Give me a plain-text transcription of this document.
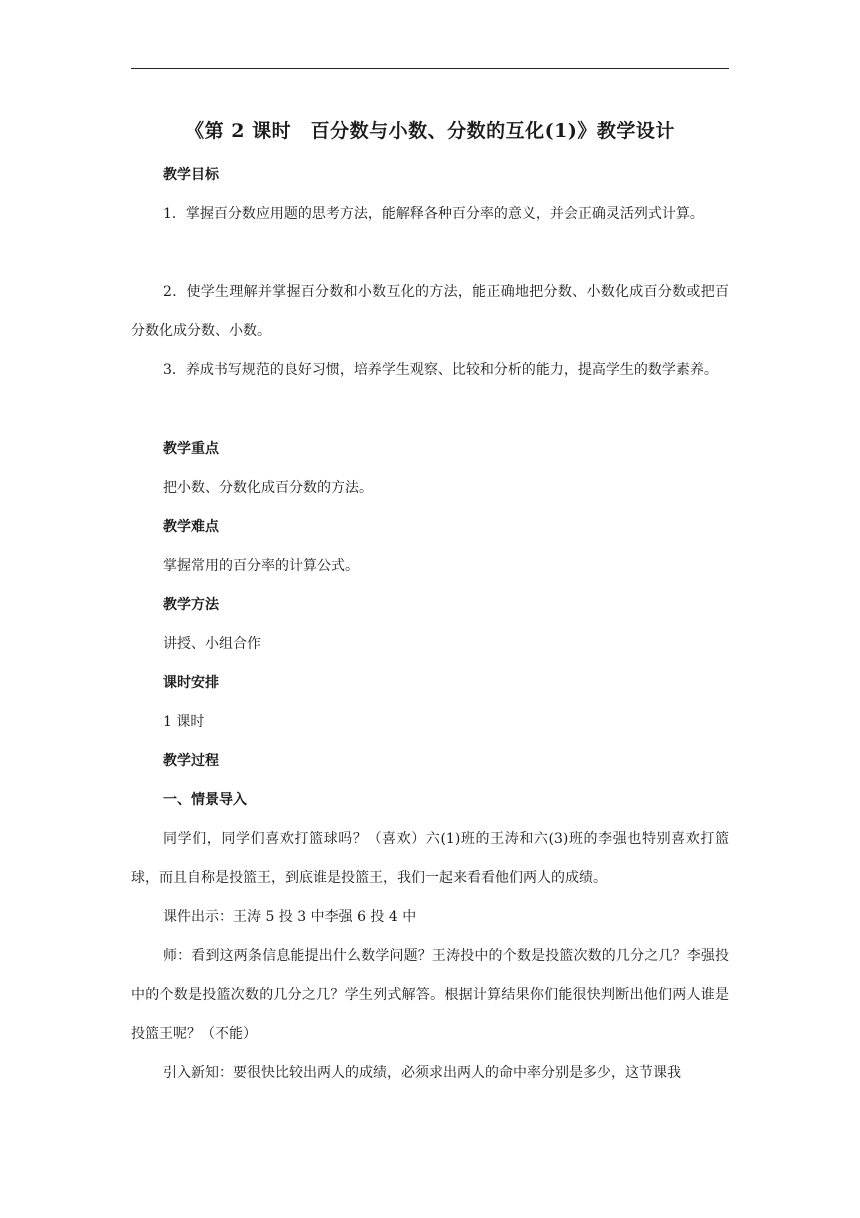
《第 2 课时　百分数与小数、分数的互化(1)》教学设计
教学目标
1．掌握百分数应用题的思考方法，能解释各种百分率的意义，并会正确灵活列式计算。
2．使学生理解并掌握百分数和小数互化的方法，能正确地把分数、小数化成百分数或把百分数化成分数、小数。
3．养成书写规范的良好习惯，培养学生观察、比较和分析的能力，提高学生的数学素养。
教学重点
把小数、分数化成百分数的方法。
教学难点
掌握常用的百分率的计算公式。
教学方法
讲授、小组合作
课时安排
1 课时
教学过程
一、情景导入
同学们，同学们喜欢打篮球吗？（喜欢）六(1)班的王涛和六(3)班的李强也特别喜欢打篮球，而且自称是投篮王，到底谁是投篮王，我们一起来看看他们两人的成绩。
课件出示：王涛 5 投 3 中李强 6 投 4 中
师：看到这两条信息能提出什么数学问题？王涛投中的个数是投篮次数的几分之几？李强投中的个数是投篮次数的几分之几？学生列式解答。根据计算结果你们能很快判断出他们两人谁是投篮王呢？（不能）
引入新知：要很快比较出两人的成绩，必须求出两人的命中率分别是多少，这节课我
